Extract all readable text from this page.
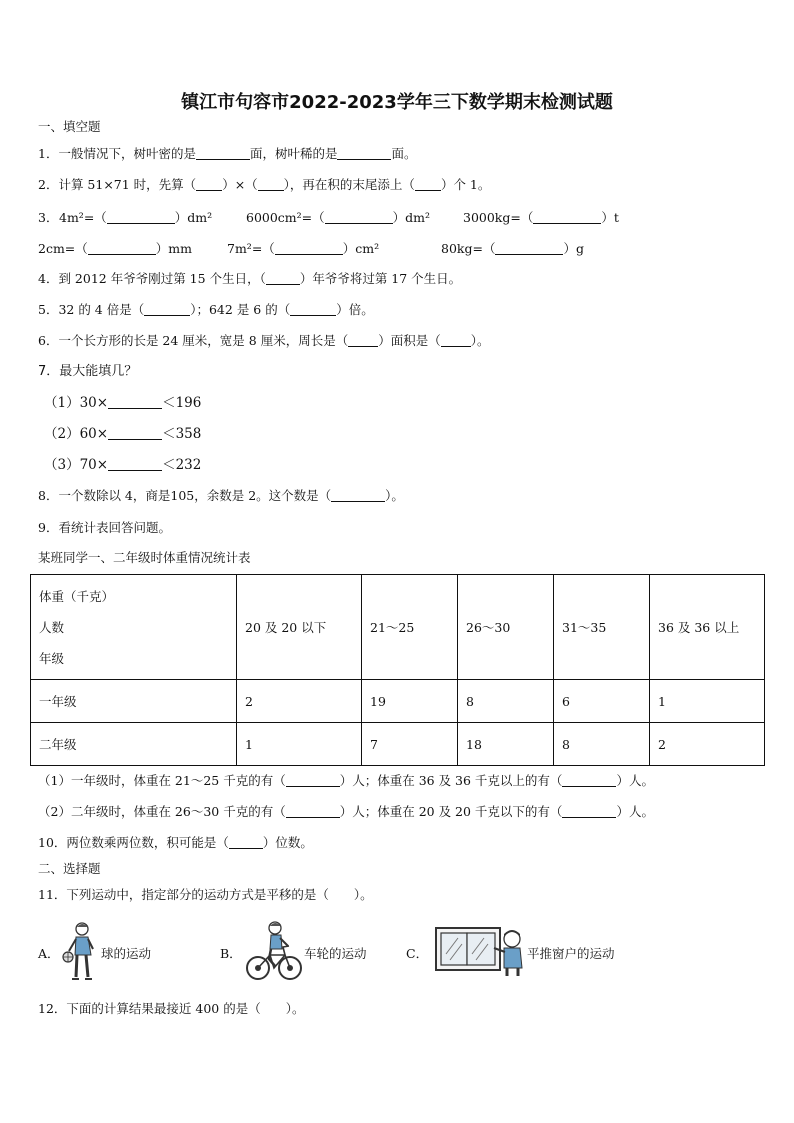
镇江市句容市2022-2023学年三下数学期末检测试题
一、填空题
1．一般情况下，树叶密的是	面，树叶稀的是	面。
2．计算 51×71 时，先算（ ）×（ ），再在积的末尾添上（ ）个 1。
3． 4m²=（	）dm²	6000cm²=（	）dm²	3000kg=（	）t
2cm=（	）mm	7m²=（	）cm²	80kg=（	）g
4．到 2012 年爷爷刚过第 15 个生日，（	）年爷爷将过第 17 个生日。
5．32 的 4 倍是（	）；642 是 6 的（	）倍。
6．一个长方形的长是 24 厘米，宽是 8 厘米，周长是（ ）面积是（ ）。
7．最大能填几？
（1）30×	＜196
（2）60×	＜358
（3）70×	＜232
8．一个数除以 4，商是105，余数是 2。这个数是（	）。
9．看统计表回答问题。
某班同学一、二年级时体重情况统计表
体重（千克）
人数
年级	20 及 20 以下	21～25	26～30	31～35	36 及 36 以上
一年级	2	19	8	6	1
二年级	1	7	18	8	2
（1）一年级时，体重在 21～25 千克的有（	）人；体重在 36 及 36 千克以上的有（	）人。
（2）二年级时，体重在 26～30 千克的有（	）人；体重在 20 及 20 千克以下的有（	）人。
10．两位数乘两位数，积可能是（	）位数。
二、选择题
11．下列运动中，指定部分的运动方式是平移的是（　　）。
A．	球的运动	B．	车轮的运动	C．	平推窗户的运动
12．下面的计算结果最接近 400 的是（　　）。
